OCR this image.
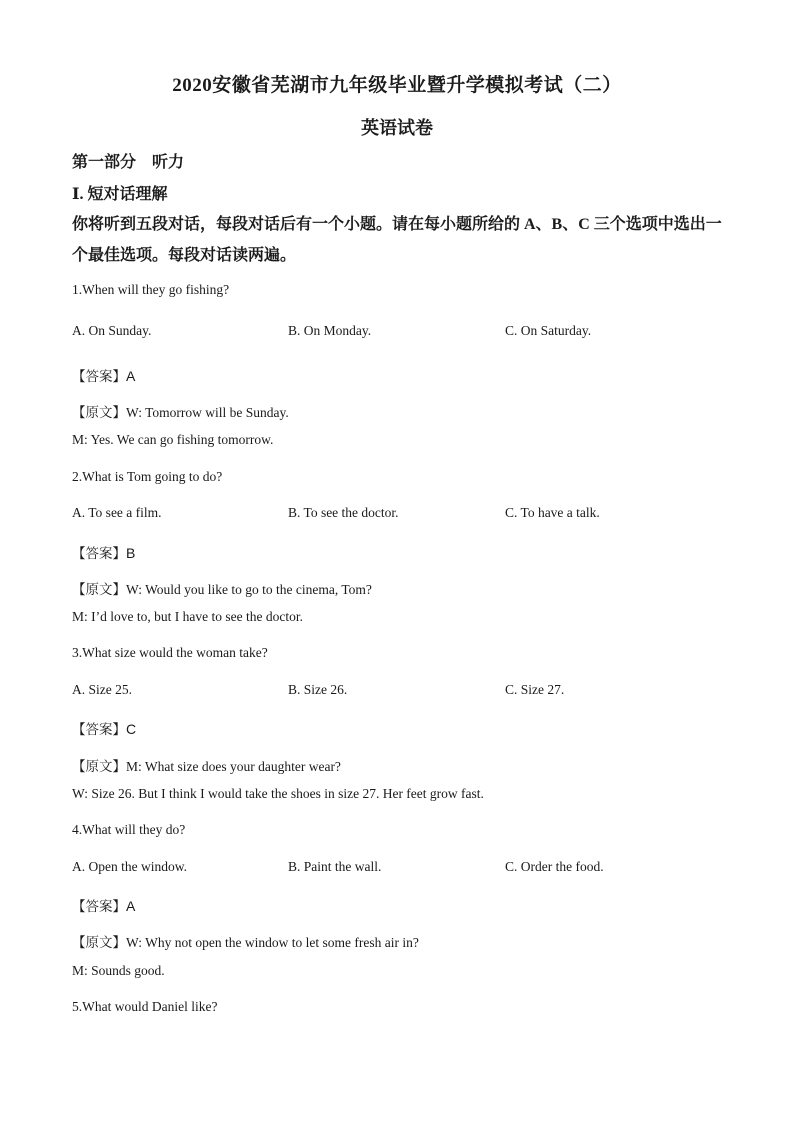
2020安徽省芜湖市九年级毕业暨升学模拟考试（二）
英语试卷
第一部分　听力
Ⅰ. 短对话理解
你将听到五段对话，每段对话后有一个小题。请在每小题所给的 A、B、C 三个选项中选出一个最佳选项。每段对话读两遍。
1.When will they go fishing?
A. On Sunday.	B. On Monday.	C. On Saturday.
【答案】A
【原文】W: Tomorrow will be Sunday.
M: Yes. We can go fishing tomorrow.
2.What is Tom going to do?
A. To see a film.	B. To see the doctor.	C. To have a talk.
【答案】B
【原文】W: Would you like to go to the cinema, Tom?
M: I’d love to, but I have to see the doctor.
3.What size would the woman take?
A. Size 25.	B. Size 26.	C. Size 27.
【答案】C
【原文】M: What size does your daughter wear?
W: Size 26. But I think I would take the shoes in size 27. Her feet grow fast.
4.What will they do?
A. Open the window.	B. Paint the wall.	C. Order the food.
【答案】A
【原文】W: Why not open the window to let some fresh air in?
M: Sounds good.
5.What would Daniel like?
